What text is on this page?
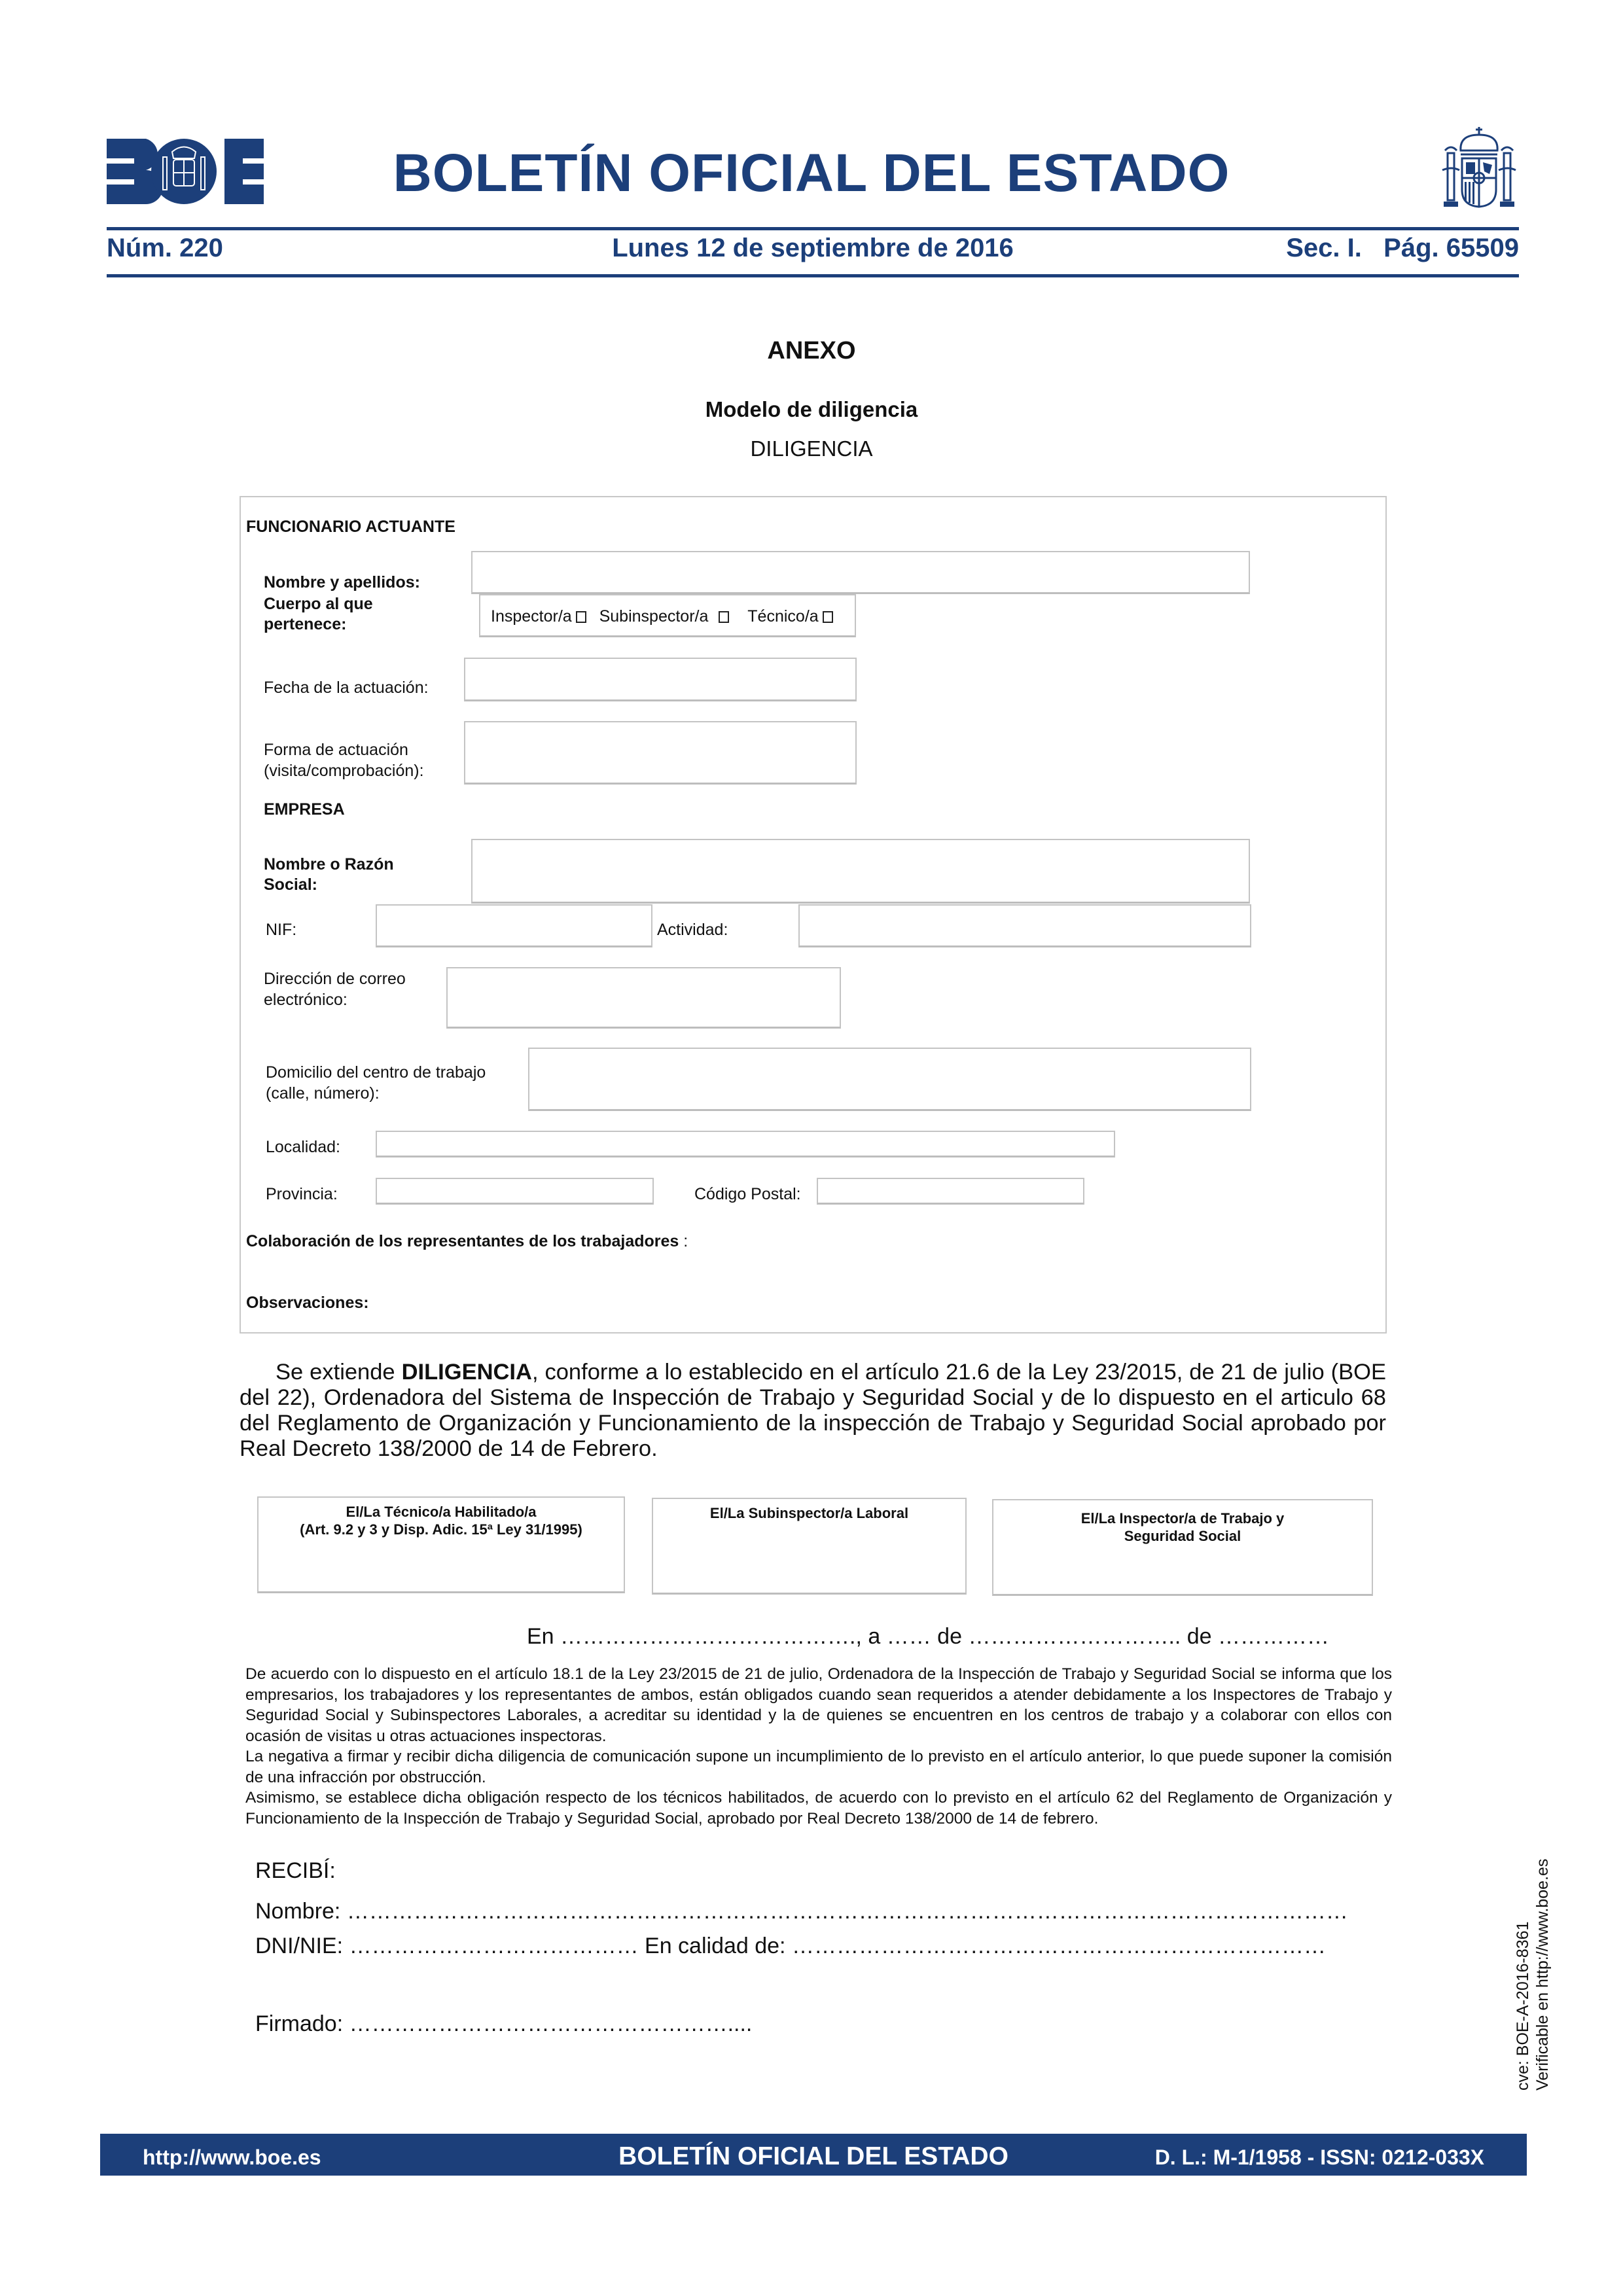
BOLETÍN OFICIAL DEL ESTADO
Núm. 220	Lunes 12 de septiembre de 2016	Sec. I.   Pág. 65509
ANEXO
Modelo de diligencia
DILIGENCIA
FUNCIONARIO ACTUANTE
Nombre y apellidos:
Cuerpo al que
pertenece:	Inspector/a Subinspector/a Técnico/a
Fecha de la actuación:
Forma de actuación
(visita/comprobación):
EMPRESA
Nombre o Razón
Social:
NIF:	Actividad:
Dirección de correo
electrónico:
Domicilio del centro de trabajo
(calle, número):
Localidad:
Provincia:	Código Postal:
Colaboración de los representantes de los trabajadores :
Observaciones:
Se extiende DILIGENCIA, conforme a lo establecido en el artículo 21.6 de la Ley 23/2015, de 21 de julio (BOE del 22), Ordenadora del Sistema de Inspección de Trabajo y Seguridad Social y de lo dispuesto en el articulo 68 del Reglamento de Organización y Funcionamiento de la inspección de Trabajo y Seguridad Social aprobado por Real Decreto 138/2000 de 14 de Febrero.
El/La Técnico/a Habilitado/a
(Art. 9.2 y 3 y Disp. Adic. 15ª Ley 31/1995)
El/La Subinspector/a Laboral	El/La Inspector/a de Trabajo y
Seguridad Social
En …………………………………., a …… de ……………………….. de ……………

De acuerdo con lo dispuesto en el artículo 18.1 de la Ley 23/2015 de 21 de julio, Ordenadora de la Inspección de Trabajo y Seguridad Social se informa que los empresarios, los trabajadores y los representantes de ambos, están obligados cuando sean requeridos a atender debidamente a los Inspectores de Trabajo y Seguridad Social y Subinspectores Laborales, a acreditar su identidad y la de quienes se encuentren en los centros de trabajo y a colaborar con ellos con ocasión de visitas u otras actuaciones inspectoras.

La negativa a firmar y recibir dicha diligencia de comunicación supone un incumplimiento de lo previsto en el artículo anterior, lo que puede suponer la comisión de una infracción por obstrucción.

Asimismo, se establece dicha obligación respecto de los técnicos habilitados, de acuerdo con lo previsto en el artículo 62 del Reglamento de Organización y Funcionamiento de la Inspección de Trabajo y Seguridad Social, aprobado por Real Decreto 138/2000 de 14 de febrero.

RECIBÍ:
Nombre: ………………………………………………………………………………………………………………………
DNI/NIE: ………………………………… En calidad de: ………………………………………………………………
Firmado: ……………………………………………....	cve: BOE-A-2016-8361 Verificable en http://www.boe.es
http://www.boe.es	BOLETÍN OFICIAL DEL ESTADO	D. L.: M-1/1958 - ISSN: 0212-033X
